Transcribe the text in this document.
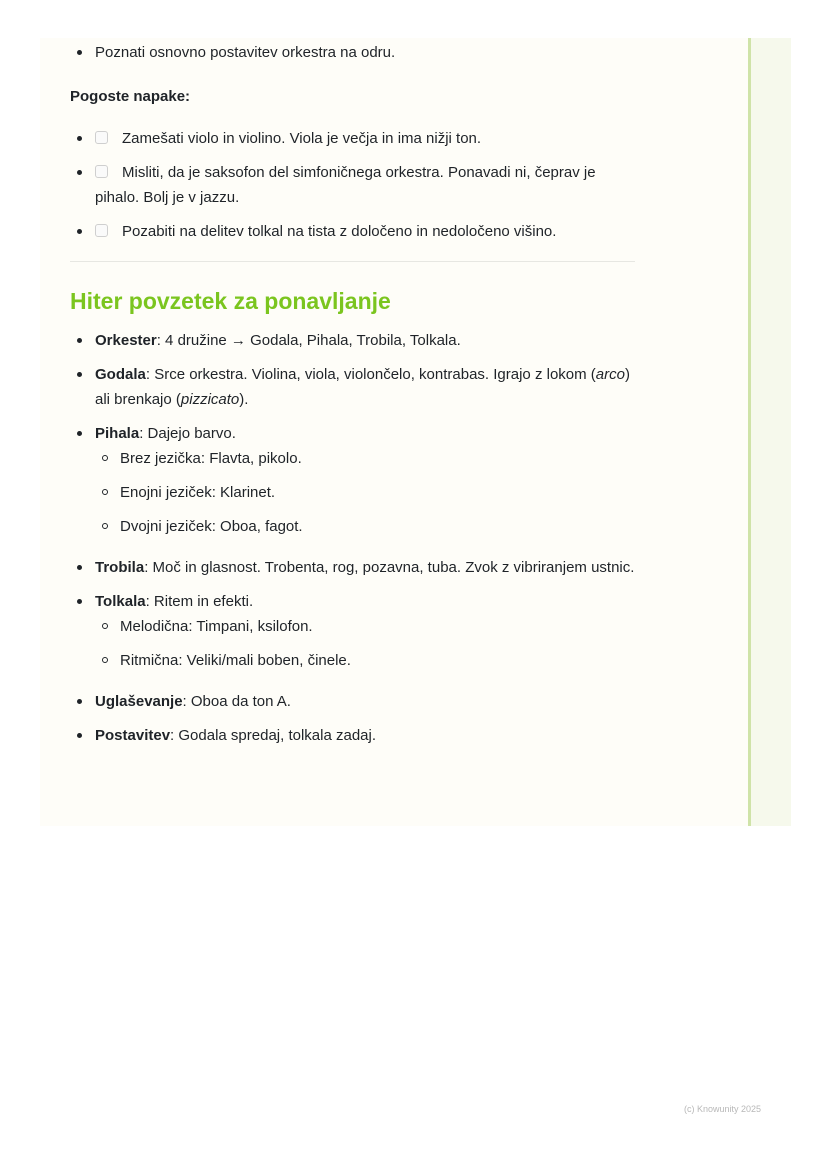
Poznati osnovno postavitev orkestra na odru.
Pogoste napake:
Zamešati violo in violino. Viola je večja in ima nižji ton.
Misliti, da je saksofon del simfoničnega orkestra. Ponavadi ni, čeprav je pihalo. Bolj je v jazzu.
Pozabiti na delitev tolkal na tista z določeno in nedoločeno višino.
Hiter povzetek za ponavljanje
Orkester: 4 družine → Godala, Pihala, Trobila, Tolkala.
Godala: Srce orkestra. Violina, viola, violončelo, kontrabas. Igrajo z lokom (arco) ali brenkajo (pizzicato).
Pihala: Dajejo barvo.
Brez jezička: Flavta, pikolo.
Enojni jeziček: Klarinet.
Dvojni jeziček: Oboa, fagot.
Trobila: Moč in glasnost. Trobenta, rog, pozavna, tuba. Zvok z vibriranjem ustnic.
Tolkala: Ritem in efekti.
Melodična: Timpani, ksilofon.
Ritmična: Veliki/mali boben, činele.
Uglaševanje: Oboa da ton A.
Postavitev: Godala spredaj, tolkala zadaj.
(c) Knowunity 2025
